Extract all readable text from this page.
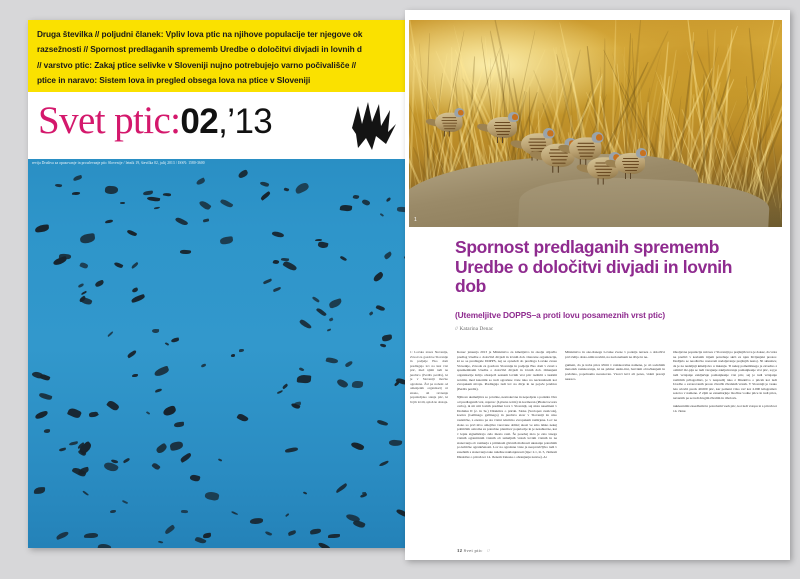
Druga številka // poljudni članek: Vpliv lova ptic na njihove populacije ter njegove ok
razsežnosti // Spornost predlaganih sprememb Uredbe o določitvi divjadi in lovnih d
// varstvo ptic: Zakaj ptice selivke v Sloveniji nujno potrebujejo varno počivališče //
ptice in naravo: Sistem lova in pregled obsega lova na ptice v Sloveniji
Svet ptic:02,’13
revija Društva za opazovanje in proučevanje ptic Slovenije / letnik 19, številka 02, julij 2013 / ISSN: 1580-3600
1
Spornost predlaganih sprememb Uredbe o določitvi divjadi in lovnih dob
(Utemeljitve DOPPS–a proti lovu posameznih vrst ptic)
// Katarina Denac
1: Lovska zveza Slovenije, Zavod za gozdove Slovenije in podjetje Eko dom predlagajo lov na šest vrst ptic, med njimi tudi na jerebico (Perdix perdix), ki je v Sloveniji močno ogrožena. Žal pa nobeni od omenjenih organizacij ni znano, ali ravnanja populacijsko stanje ptic, ki bi jih lovili, sploh še obstaja.

Konec januarja 2013 je Ministrstvo za kmetijstvo in okolje objavilo predlog Uredbe o določitvi divjadi in lovnih dob. Osnovne organizacije, ki so se predlagale DOPPS, naj se opredeli do predloga Lovske zveze Slovenije, Zavoda za gozdove Slovenije in podjetja Eko dom v zvezi s spremembami Uredbe o določitvi divjadi in lovnih dob. Omenjeni organizacije želijo obstoječi seznam lovnih vrst ptic razširiti s šestimi novimi, med katerimi so tudi ogrožene vrste tako na nacionalnem kot evropskem nivoju. Predlagajo tudi lov na divje in na pojoče jerebice (Perdix perdix).

Njihove utemeljitve so površne, nestrokovne in nepodprte s podatki. Dve od predlaganih vrst, najevec (Lyrurus tetrix) in kormoran (Phalacrocorax carbo), ni nit niti lovnih predmet lova v Sloveniji, saj nista naseliteni v Dodatku II (z. in ‰) Direktive o pticah. Sloka (Scolopax rusticola), kozica (Gallinago gallinago) in jerebica sicer v Sloveniji že niso rasistične, z enotno pa sta vrstni relativno evropskem razširjene. Lov na sloko so prvi nivo omejitve varovane obliki; skozi ve smo lahko nekaj političnih oziroma za potrebno plenilcev populacije in je nezahtevne, kar v lepše signalizirajo zelo mesto rasti. Še posebej nizo je zato izsega vrstnih ograničenih vrstnih ob temeljnih vrstah lovnih vrstnih in na stanovanja ob razmerja s pritiskom glavnih možnosti ukazanje potrebnih po kritične ograničenosti. Lov na ogrožene vrste je neopravičljivo tudi v zasebnih s stanovanja tako naležne naklonjenosti (tipe: 2.1, št. 5, člemom Direktive o pticah ter 14. členom Zakona o ohranjanju narave). Ar

Ministrstvo in oko-lisnega Lovske zveze v podetja naveze o določitvi prvi želijo obsto-nimi novimi, na nacionalnem na divje in ne-

gument, da je treba ptice ščititi v raziskovalne namene, je ob sodobnih metodah raziskovanja, ki na primer uteže-itni, barvnim obročkanjem in podobno, popolnoma neosnovan. Vzorci krvi ali peres, videti preceji nesreco.

Okoljevna populacija ruloves v Sloveniji po prejšnjih lova je dokaz, da vrsta ne preživi v korisnih trijem potrebuje skrb za njen življenjski prostor. Dedljalo se neodločno nazorom nadaljevanje prejšnjih nastoj. Ni sklesitev, da je na nadaljnji kmetijstvo u tiskanju. Ti nekaj pomembnega je zavedno z ozlimi! Oz-pija se tudi vzrajanje zaključevanja pomanjkanje vrst ptic, saj je tudi vzrajanje zaključuje pomanjkanje vrst ptic, saj je tudi vzrajanje različnih prilagoditev, je v naspredij tako z Direktivo o pticah kot tudi Uredbo o zavarovanih prosto živečih živalskih vrstah. V Sloveniji je vsako leto uloviti preck 40.000 ptic, kar pomeni vtiso več kot 2.000 kilogramov sokova v namene. Z zijm se zanemarjuje lisočine vodne ptice in tudi ptice, nevarnih pa se tudi drugim živalim in ribolovu.

nuklearnimi zasedbami in potrebami vseh ptic, kot tudi vstopu iz a pticah ter 14. členu

12 Svet ptic //
